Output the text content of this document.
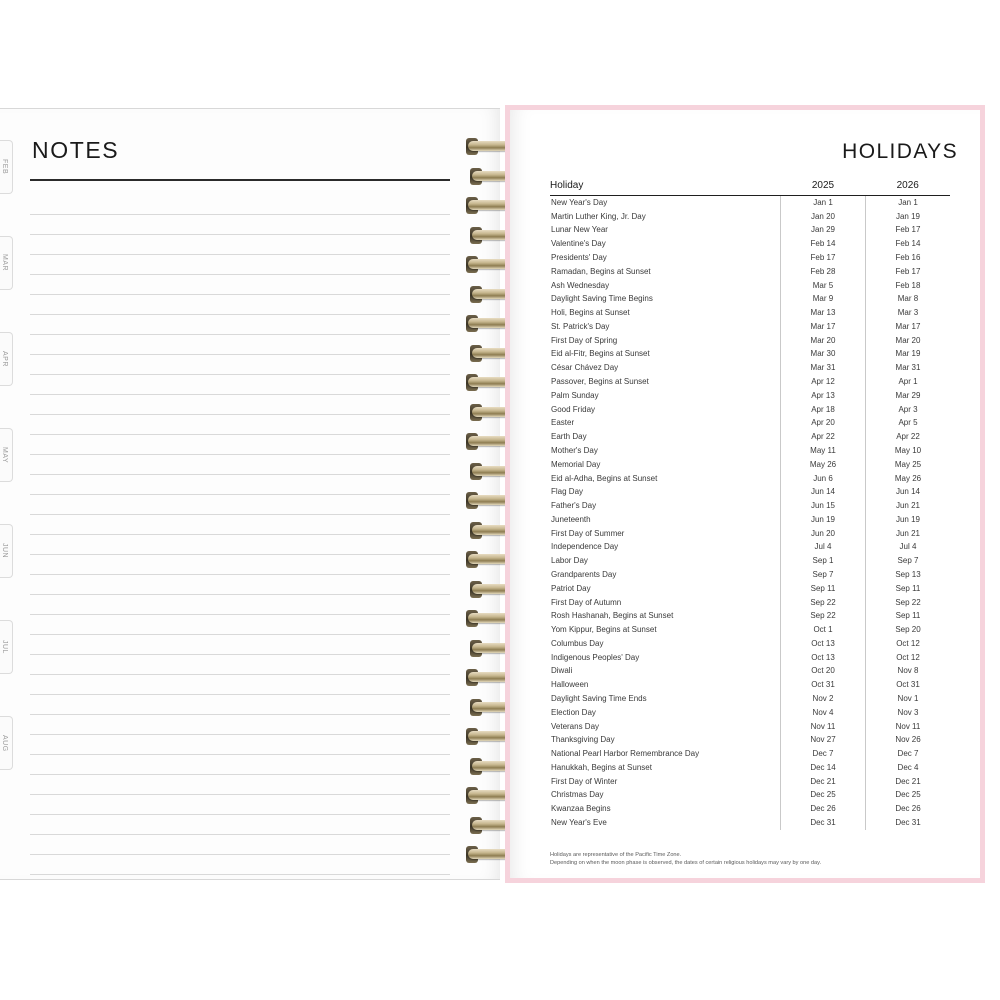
NOTES
FEB
MAR
APR
MAY
JUN
JUL
AUG
HOLIDAYS
Holiday	2025	2026
New Year's Day	Jan 1	Jan 1
Martin Luther King, Jr. Day	Jan 20	Jan 19
Lunar New Year	Jan 29	Feb 17
Valentine's Day	Feb 14	Feb 14
Presidents' Day	Feb 17	Feb 16
Ramadan, Begins at Sunset	Feb 28	Feb 17
Ash Wednesday	Mar 5	Feb 18
Daylight Saving Time Begins	Mar 9	Mar 8
Holi, Begins at Sunset	Mar 13	Mar 3
St. Patrick's Day	Mar 17	Mar 17
First Day of Spring	Mar 20	Mar 20
Eid al-Fitr, Begins at Sunset	Mar 30	Mar 19
César Chávez Day	Mar 31	Mar 31
Passover, Begins at Sunset	Apr 12	Apr 1
Palm Sunday	Apr 13	Mar 29
Good Friday	Apr 18	Apr 3
Easter	Apr 20	Apr 5
Earth Day	Apr 22	Apr 22
Mother's Day	May 11	May 10
Memorial Day	May 26	May 25
Eid al-Adha, Begins at Sunset	Jun 6	May 26
Flag Day	Jun 14	Jun 14
Father's Day	Jun 15	Jun 21
Juneteenth	Jun 19	Jun 19
First Day of Summer	Jun 20	Jun 21
Independence Day	Jul 4	Jul 4
Labor Day	Sep 1	Sep 7
Grandparents Day	Sep 7	Sep 13
Patriot Day	Sep 11	Sep 11
First Day of Autumn	Sep 22	Sep 22
Rosh Hashanah, Begins at Sunset	Sep 22	Sep 11
Yom Kippur, Begins at Sunset	Oct 1	Sep 20
Columbus Day	Oct 13	Oct 12
Indigenous Peoples' Day	Oct 13	Oct 12
Diwali	Oct 20	Nov 8
Halloween	Oct 31	Oct 31
Daylight Saving Time Ends	Nov 2	Nov 1
Election Day	Nov 4	Nov 3
Veterans Day	Nov 11	Nov 11
Thanksgiving Day	Nov 27	Nov 26
National Pearl Harbor Remembrance Day	Dec 7	Dec 7
Hanukkah, Begins at Sunset	Dec 14	Dec 4
First Day of Winter	Dec 21	Dec 21
Christmas Day	Dec 25	Dec 25
Kwanzaa Begins	Dec 26	Dec 26
New Year's Eve	Dec 31	Dec 31
Holidays are representative of the Pacific Time Zone.
Depending on when the moon phase is observed, the dates of certain religious holidays may vary by one day.
